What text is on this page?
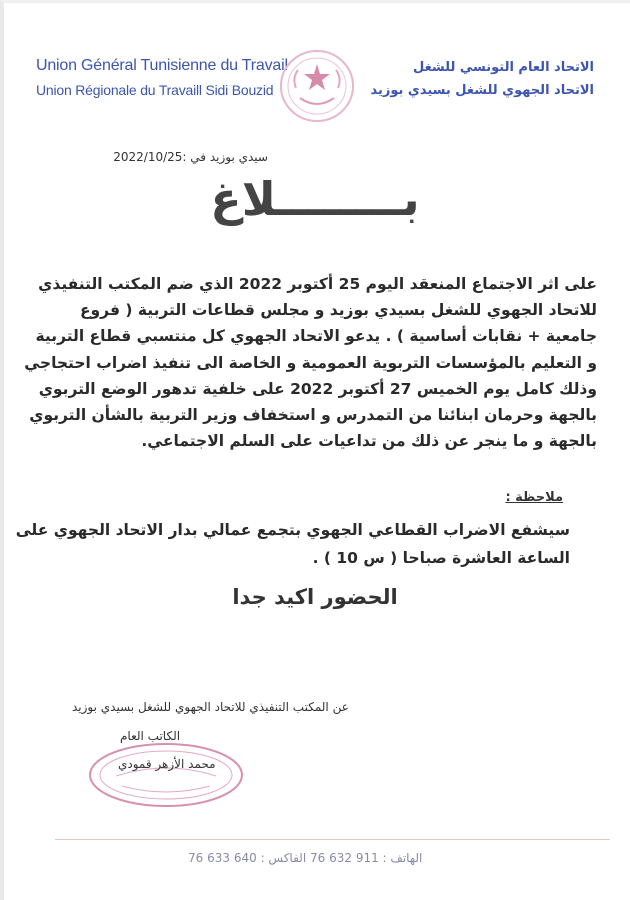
Union Général Tunisienne du Travail
Union Régionale du Travaill Sidi Bouzid
الاتحاد العام التونسي للشغل
الاتحاد الجهوي للشغل بسيدي بوزيد
سيدي بوزيد في :2022/10/25
بــــــــلاغ
على اثر الاجتماع المنعقد اليوم 25 أكتوبر 2022 الذي ضم المكتب التنفيذي
للاتحاد الجهوي للشغل بسيدي بوزيد و مجلس قطاعات التربية ( فروع
جامعية + نقابات أساسية ) . يدعو الاتحاد الجهوي كل منتسبي قطاع التربية
و التعليم بالمؤسسات التربوية العمومية و الخاصة الى تنفيذ اضراب احتجاجي
وذلك كامل يوم الخميس 27 أكتوبر 2022 على خلفية تدهور الوضع التربوي
بالجهة وحرمان ابنائنا من التمدرس و استخفاف وزير التربية بالشأن التربوي
بالجهة و ما ينجر عن ذلك من تداعيات على السلم الاجتماعي.
ملاحظة :
سيشفع الاضراب القطاعي الجهوي بتجمع عمالي بدار الاتحاد الجهوي على
الساعة العاشرة صباحا ( س 10 ) .
الحضور اكيد جدا
عن المكتب التنفيذي للاتحاد الجهوي للشغل بسيدي بوزيد
الكاتب العام
محمد الأزهر قمودي
الهاتف : 911 632 76 الفاكس : 640 633 76
